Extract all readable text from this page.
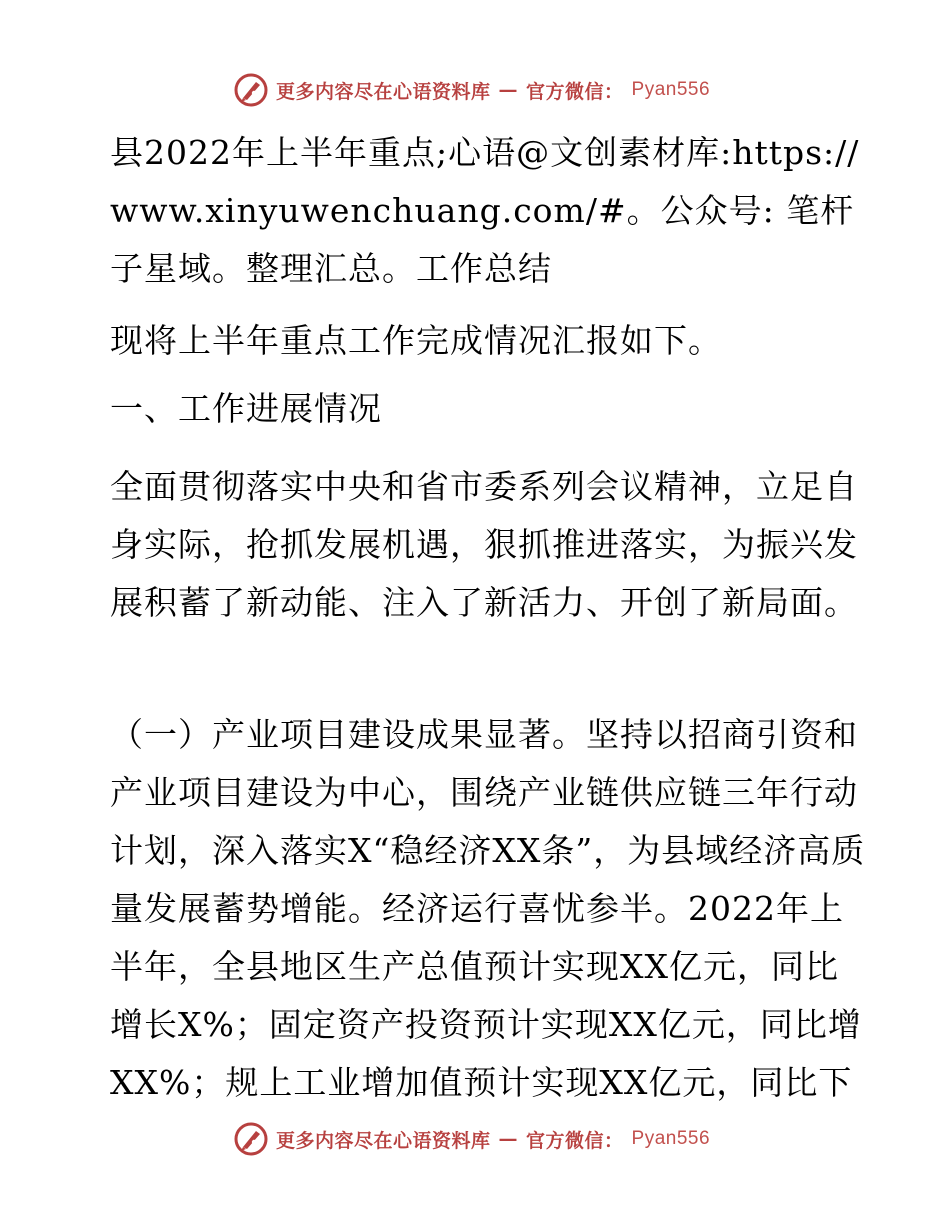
更多内容尽在心语资料库 — 官方微信： Pyan556
县2022年上半年重点;心语@文创素材库:https://www.xinyuwenchuang.com/#。公众号: 笔杆子星域。整理汇总。工作总结
现将上半年重点工作完成情况汇报如下。
一、工作进展情况
全面贯彻落实中央和省市委系列会议精神，立足自身实际，抢抓发展机遇，狠抓推进落实，为振兴发展积蓄了新动能、注入了新活力、开创了新局面。
（一）产业项目建设成果显著。坚持以招商引资和产业项目建设为中心，围绕产业链供应链三年行动计划，深入落实X“稳经济XX条”，为县域经济高质量发展蓄势增能。经济运行喜忧参半。2022年上半年，全县地区生产总值预计实现XX亿元，同比增长X%；固定资产投资预计实现XX亿元，同比增XX%；规上工业增加值预计实现XX亿元，同比下
更多内容尽在心语资料库 — 官方微信： Pyan556
